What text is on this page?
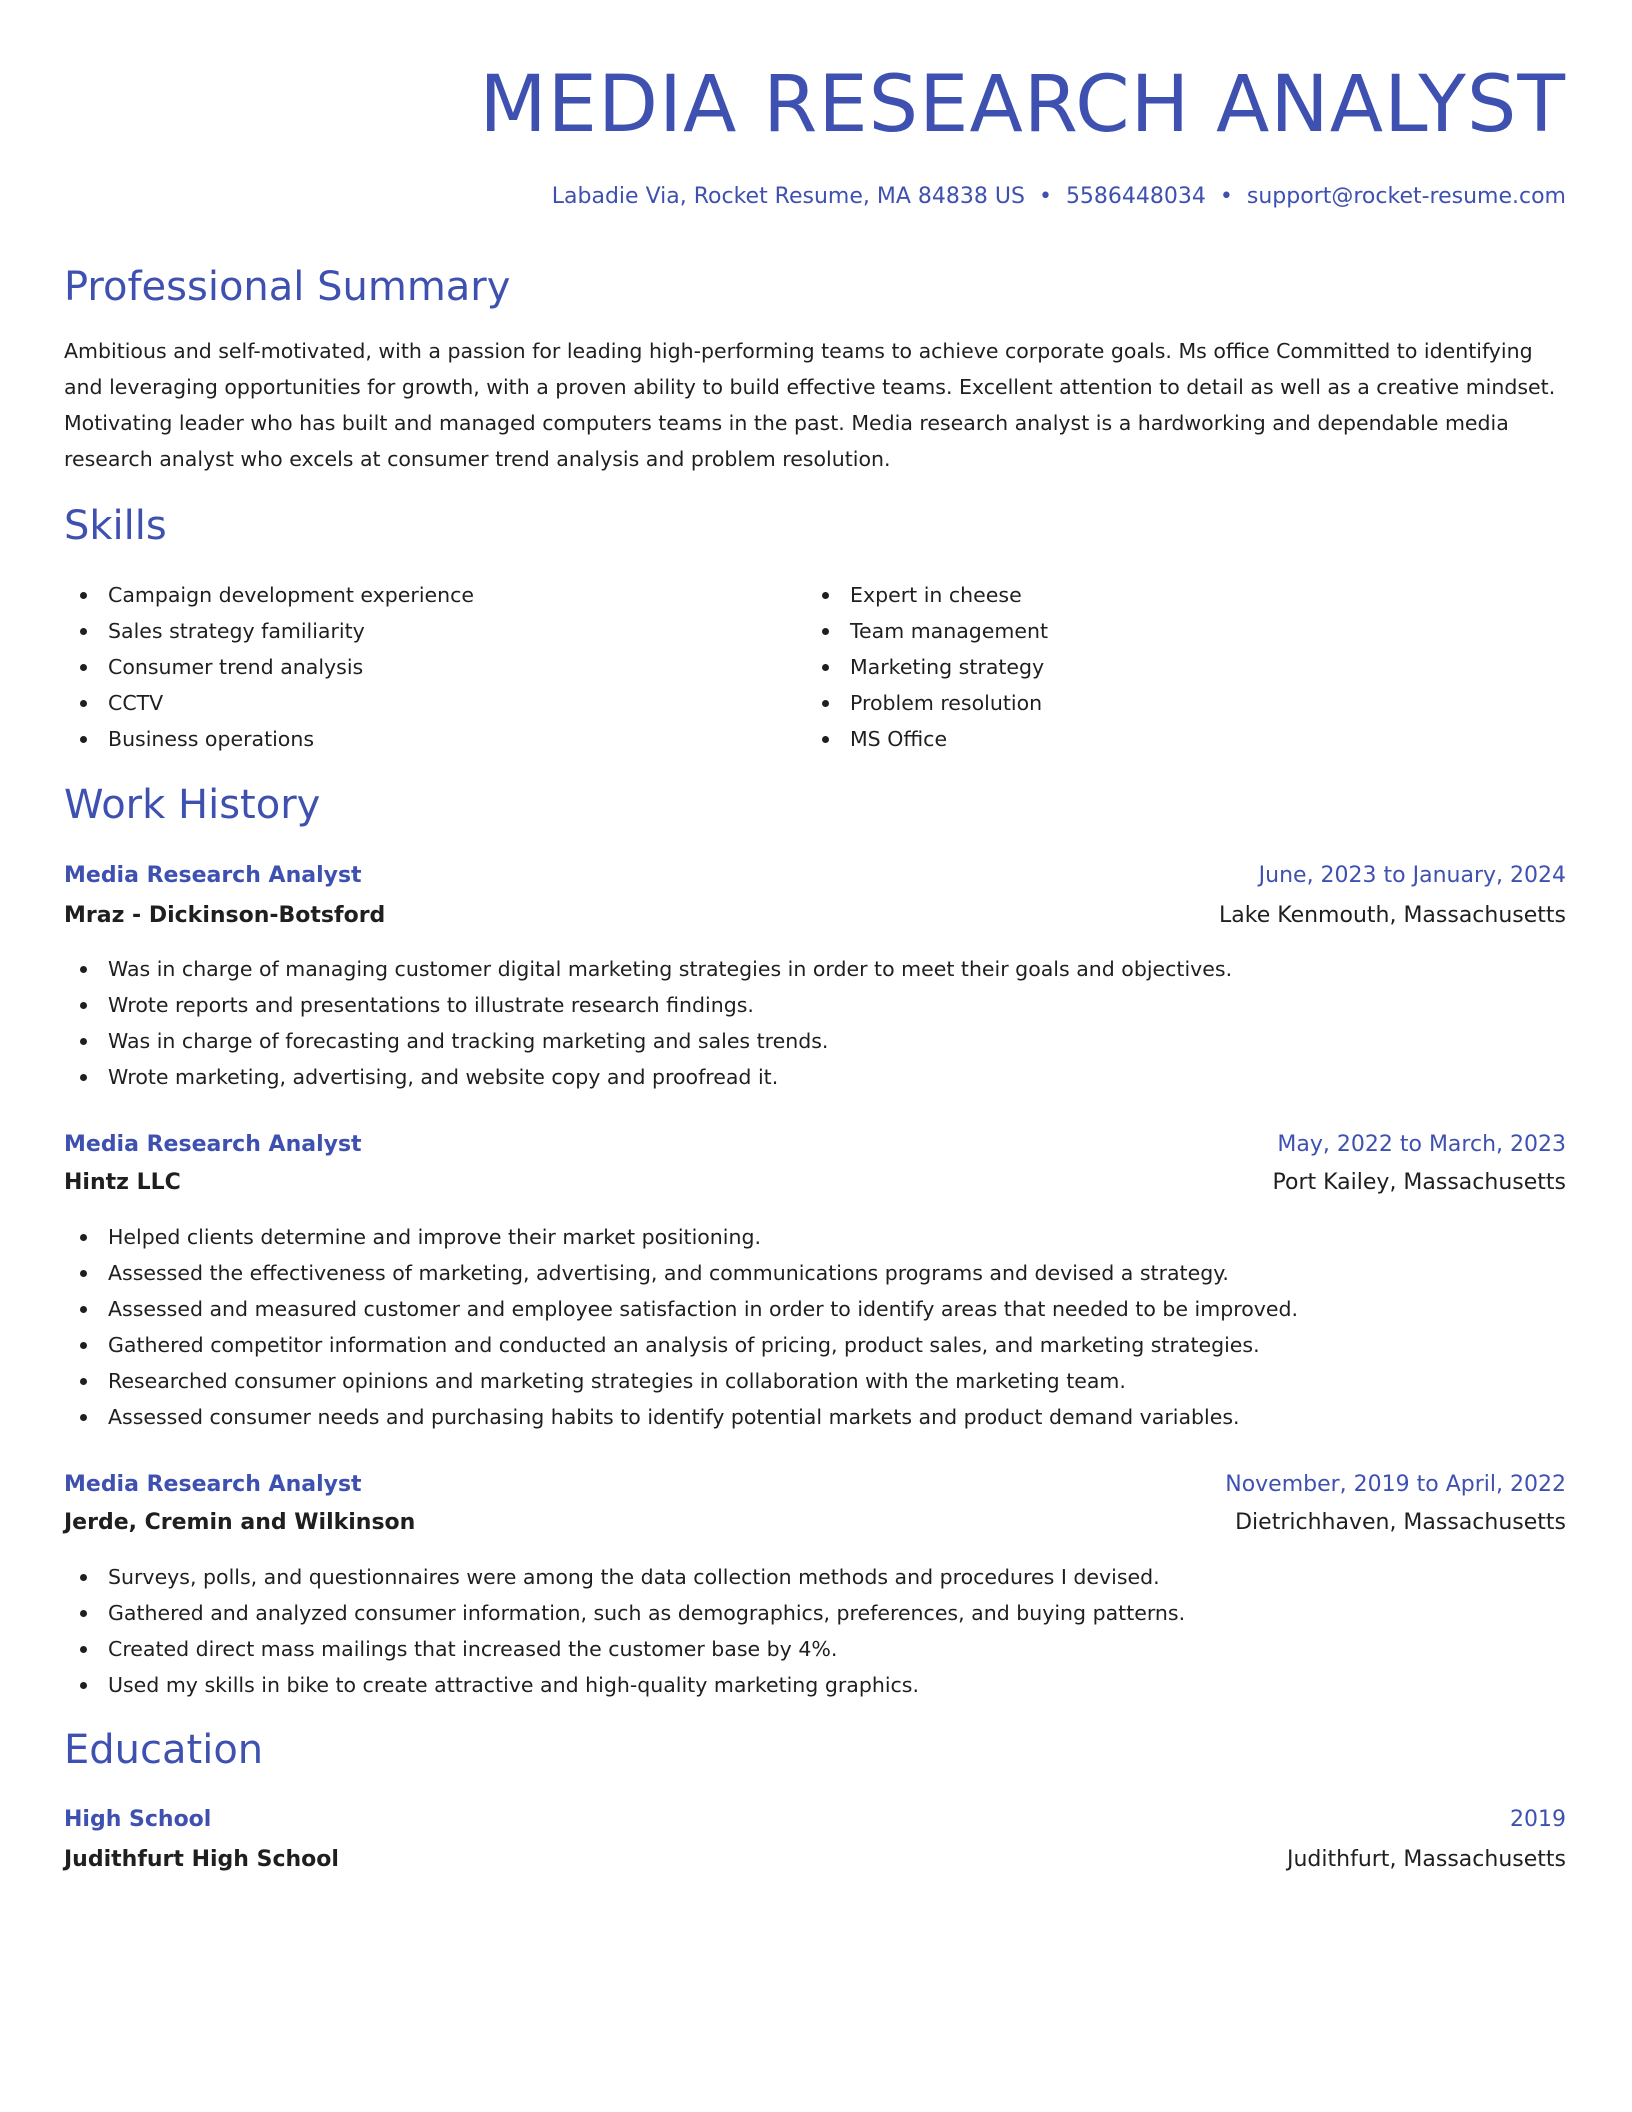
MEDIA RESEARCH ANALYST
Labadie Via, Rocket Resume, MA 84838 US • 5586448034 • support@rocket-resume.com
Professional Summary

Ambitious and self-motivated, with a passion for leading high-performing teams to achieve corporate goals. Ms office Committed to identifying and leveraging opportunities for growth, with a proven ability to build effective teams. Excellent attention to detail as well as a creative mindset. Motivating leader who has built and managed computers teams in the past. Media research analyst is a hardworking and dependable media research analyst who excels at consumer trend analysis and problem resolution.

Skills
Campaign development experience
Sales strategy familiarity
Consumer trend analysis
CCTV
Business operations
Expert in cheese
Team management
Marketing strategy
Problem resolution
MS Office
Work History
Media Research Analyst	June, 2023 to January, 2024
Mraz - Dickinson-Botsford	Lake Kenmouth, Massachusetts
Was in charge of managing customer digital marketing strategies in order to meet their goals and objectives.
Wrote reports and presentations to illustrate research findings.
Was in charge of forecasting and tracking marketing and sales trends.
Wrote marketing, advertising, and website copy and proofread it.
Media Research Analyst	May, 2022 to March, 2023
Hintz LLC	Port Kailey, Massachusetts
Helped clients determine and improve their market positioning.
Assessed the effectiveness of marketing, advertising, and communications programs and devised a strategy.
Assessed and measured customer and employee satisfaction in order to identify areas that needed to be improved.
Gathered competitor information and conducted an analysis of pricing, product sales, and marketing strategies.
Researched consumer opinions and marketing strategies in collaboration with the marketing team.
Assessed consumer needs and purchasing habits to identify potential markets and product demand variables.
Media Research Analyst	November, 2019 to April, 2022
Jerde, Cremin and Wilkinson	Dietrichhaven, Massachusetts
Surveys, polls, and questionnaires were among the data collection methods and procedures I devised.
Gathered and analyzed consumer information, such as demographics, preferences, and buying patterns.
Created direct mass mailings that increased the customer base by 4%.
Used my skills in bike to create attractive and high-quality marketing graphics.
Education
High School	2019
Judithfurt High School	Judithfurt, Massachusetts
